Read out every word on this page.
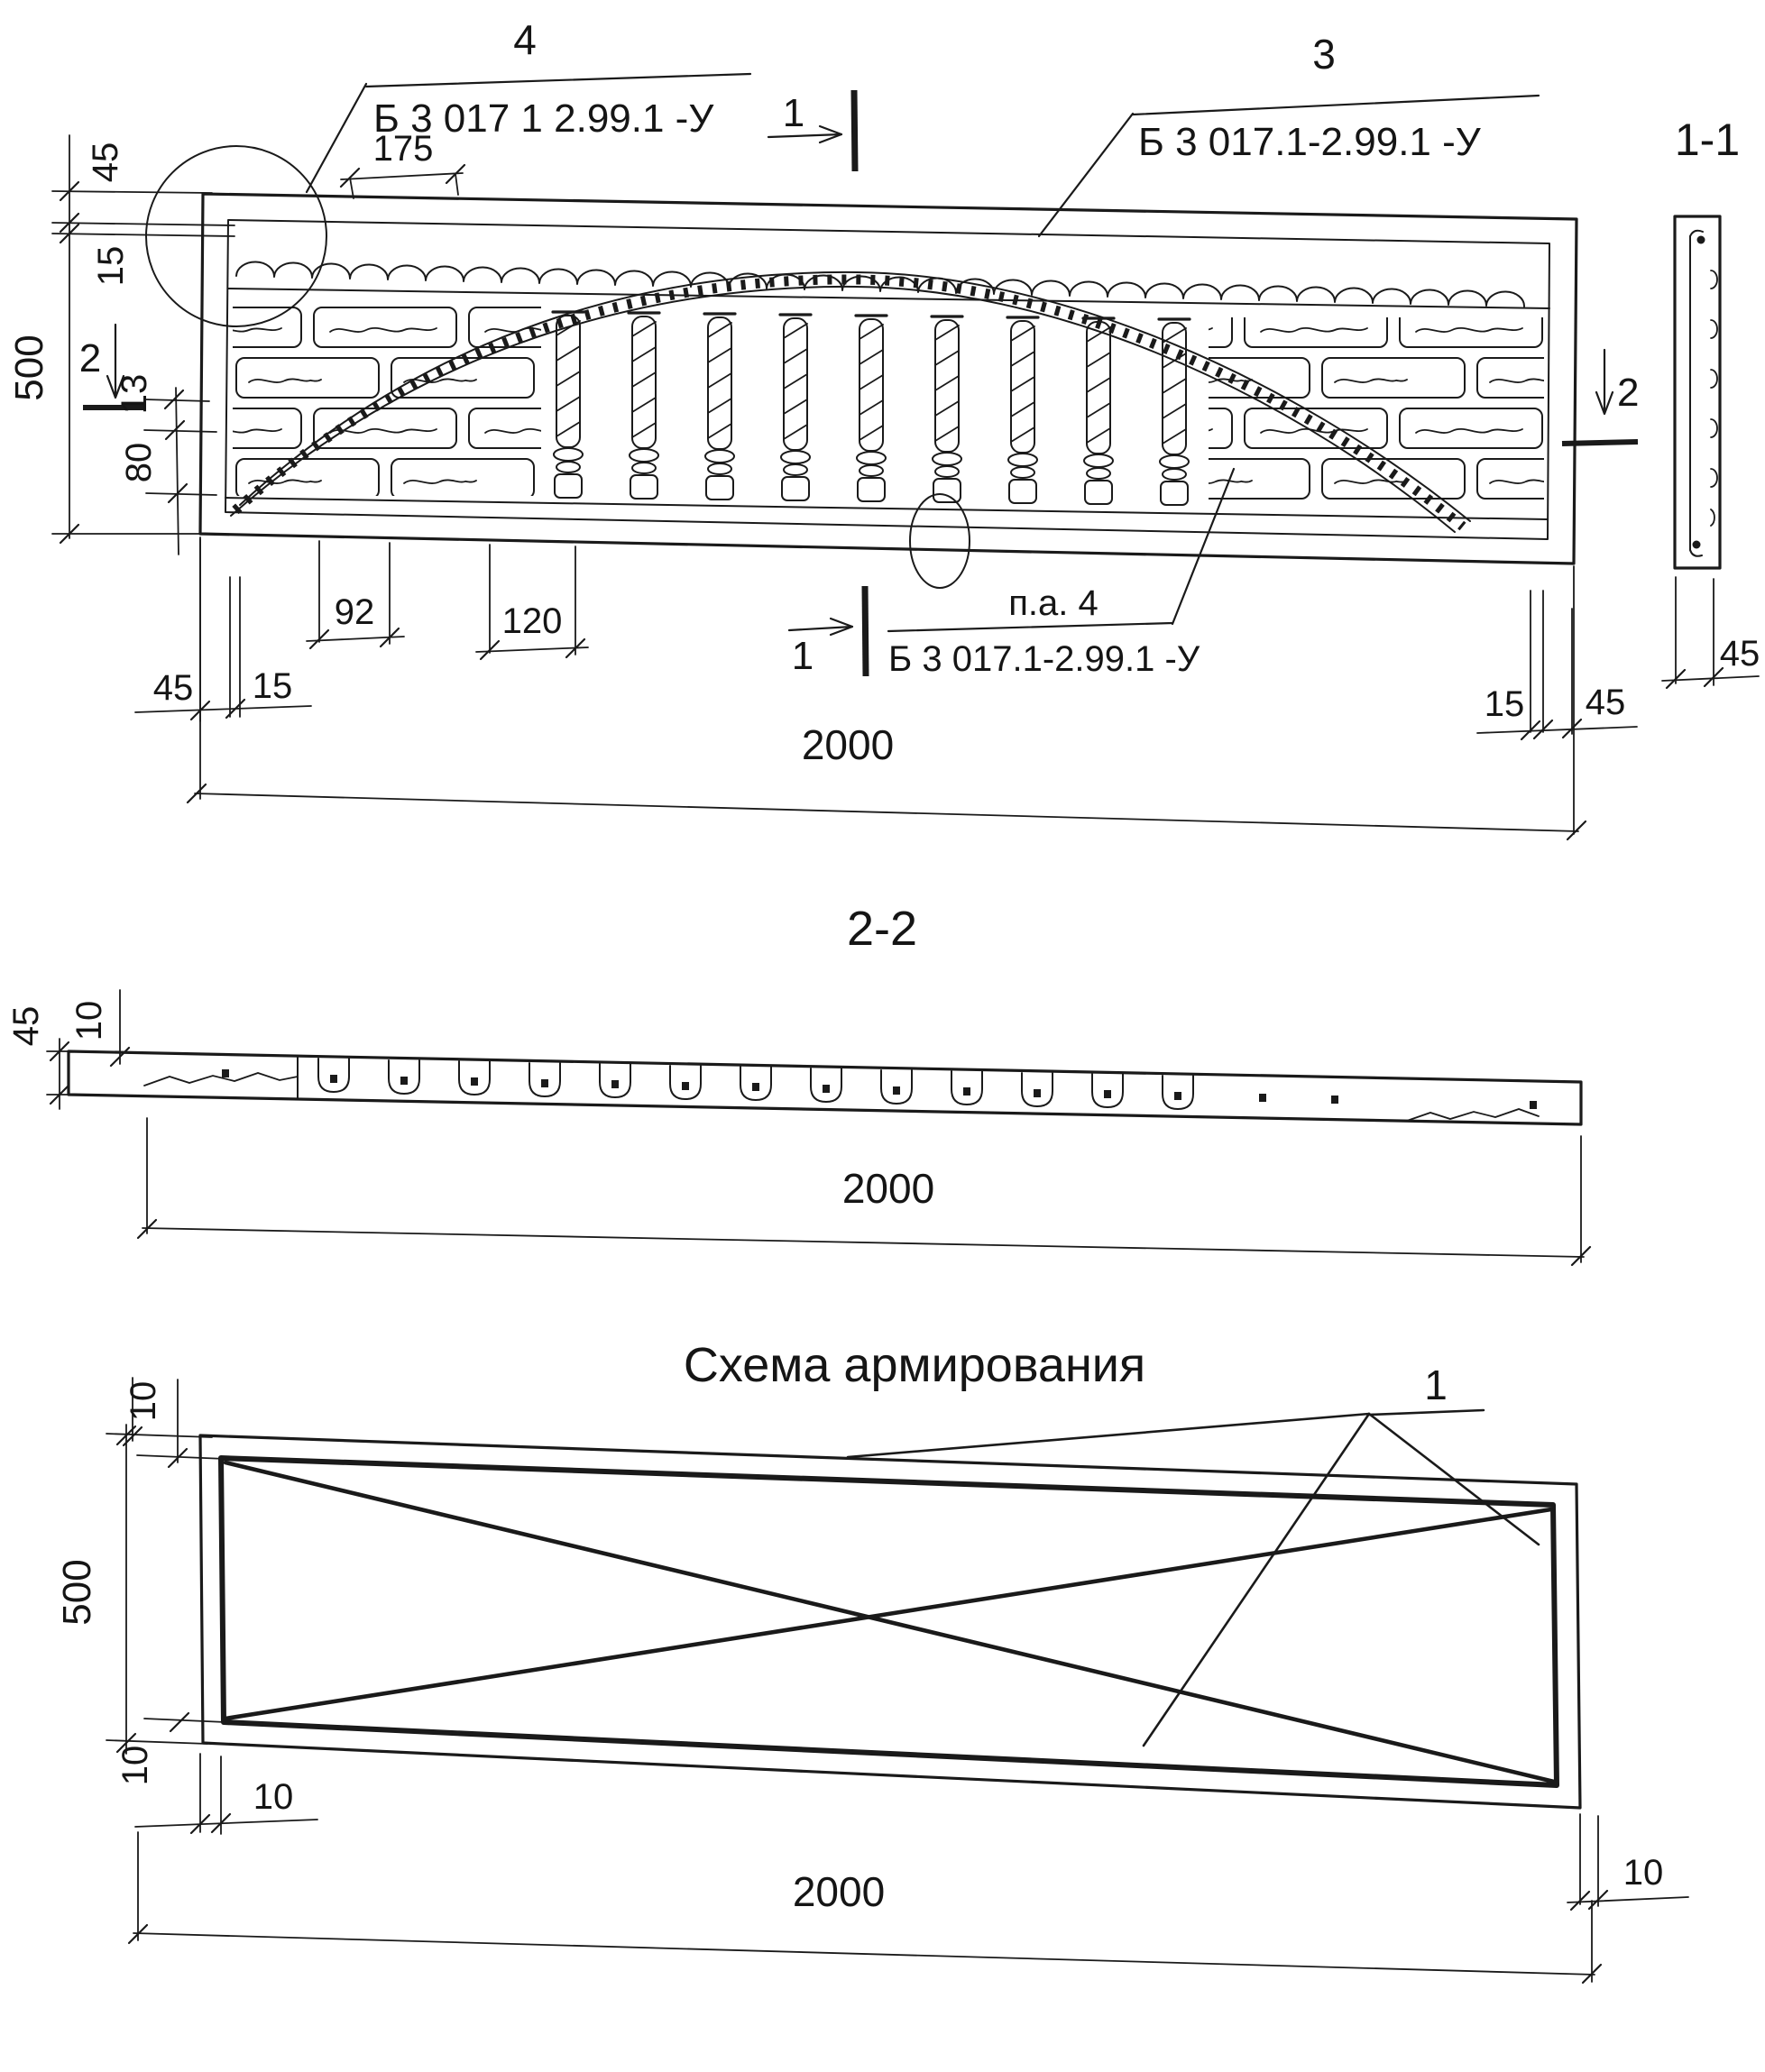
4
Б 3 017 1 2.99.1 -У
3
Б 3 017.1-2.99.1 -У
п.а. 4
Б 3 017.1-2.99.1 -У
1
1
2
2
45
15
500 13
80
175
45 15
92	120
15 45
2000
1-1
45
2-2
45 10
2000
Схема армирования	1
10
500
10
10
10
2000
